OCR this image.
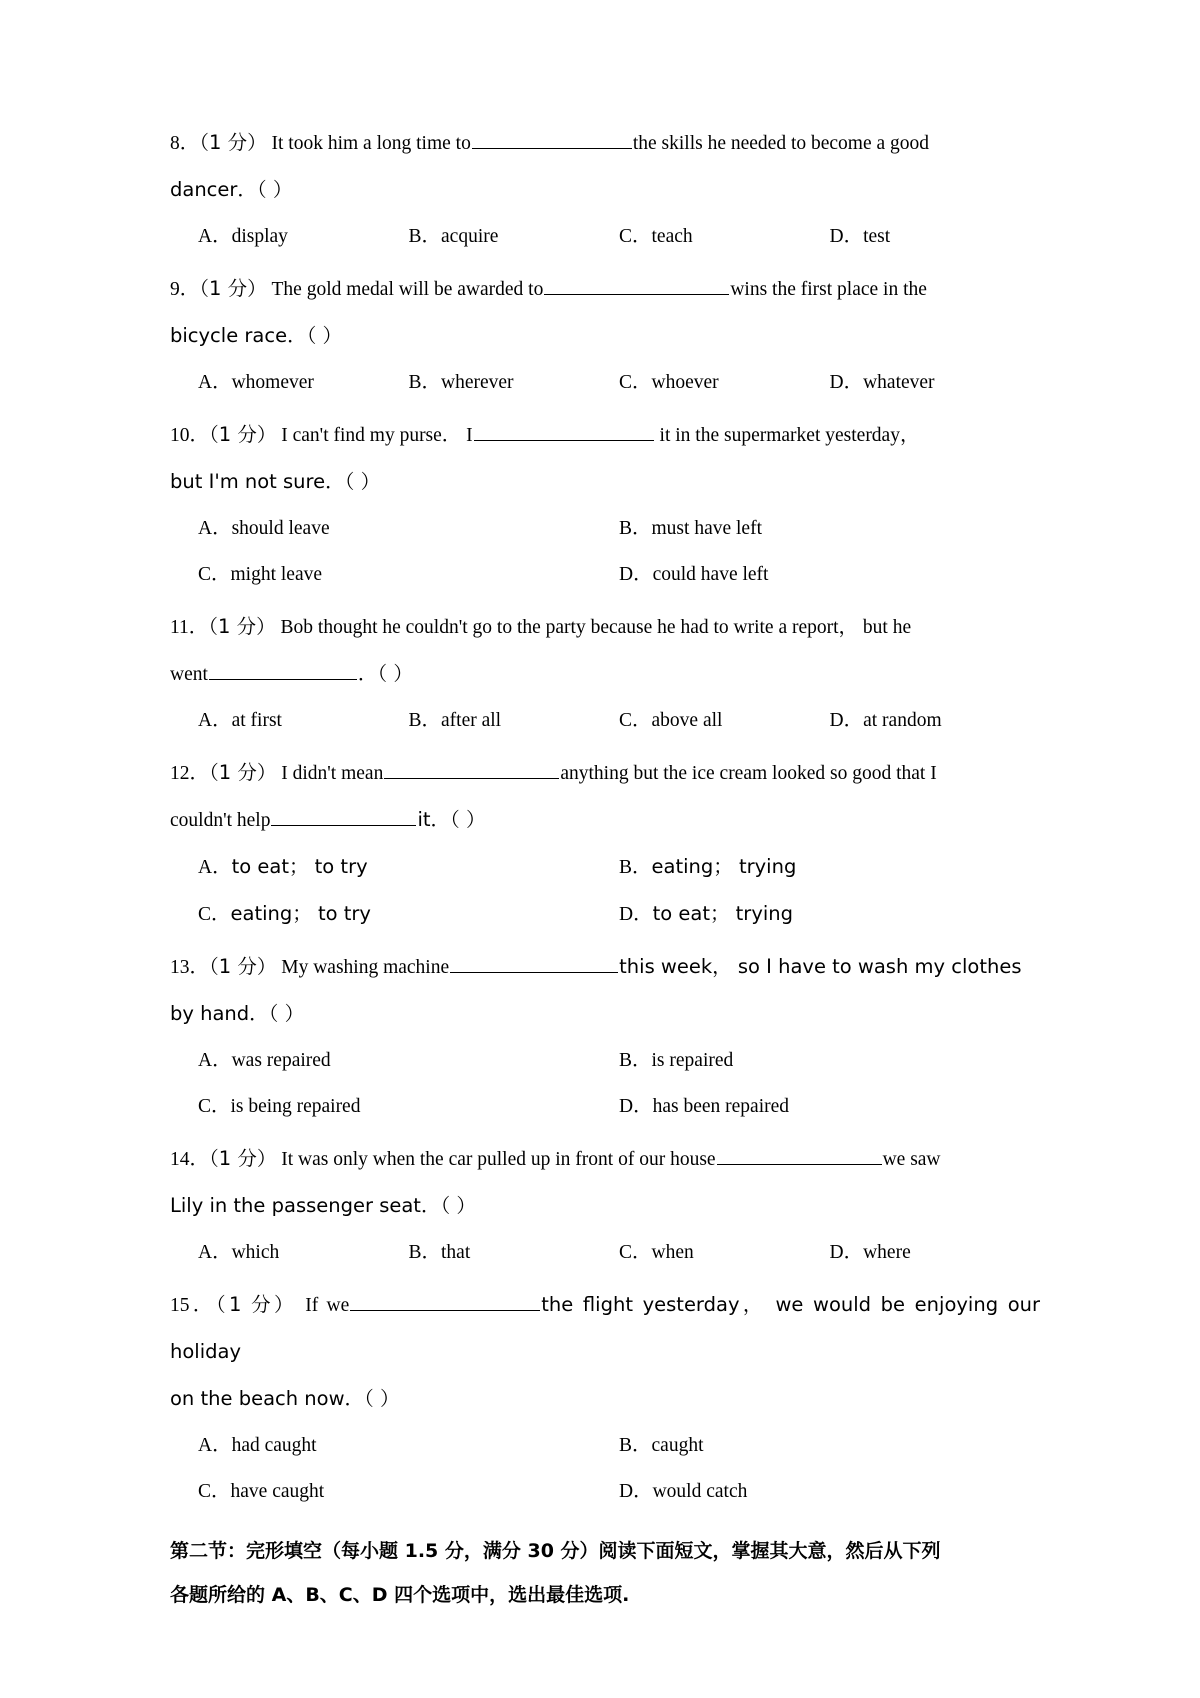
8．（1 分） It took him a long time to	the skills he needed to become a good
dancer．（ ）
A．display	B．acquire	C．teach	D．test
9．（1 分） The gold medal will be awarded to	wins the first place in the
bicycle race．（ ）
A．whomever	B．wherever	C．whoever	D．whatever
10．（1 分） I can't find my purse． I	it in the supermarket yesterday，
but I'm not sure．（ ）
A．should leave	B．must have left
C．might leave	D．could have left
11．（1 分） Bob thought he couldn't go to the party because he had to write a report， but he
went	．（ ）
A．at first	B．after all	C．above all	D．at random
12．（1 分） I didn't mean	anything but the ice cream looked so good that I
couldn't help	it．（ ）
A．to eat； to try	B．eating； trying
C．eating； to try	D．to eat； trying
13．（1 分） My washing machine	this week， so I have to wash my clothes
by hand．（ ）
A．was repaired	B．is repaired
C．is being repaired	D．has been repaired
14．（1 分） It was only when the car pulled up in front of our house	we saw
Lily in the passenger seat．（ ）
A．which	B．that	C．when	D．where
15．（1 分） If we	the flight yesterday， we would be enjoying our holiday
on the beach now．（ ）
A．had caught	B．caught
C．have caught	D．would catch
第二节：完形填空（每小题 1.5 分，满分 30 分）阅读下面短文，掌握其大意，然后从下列
各题所给的 A、B、C、D 四个选项中，选出最佳选项.
